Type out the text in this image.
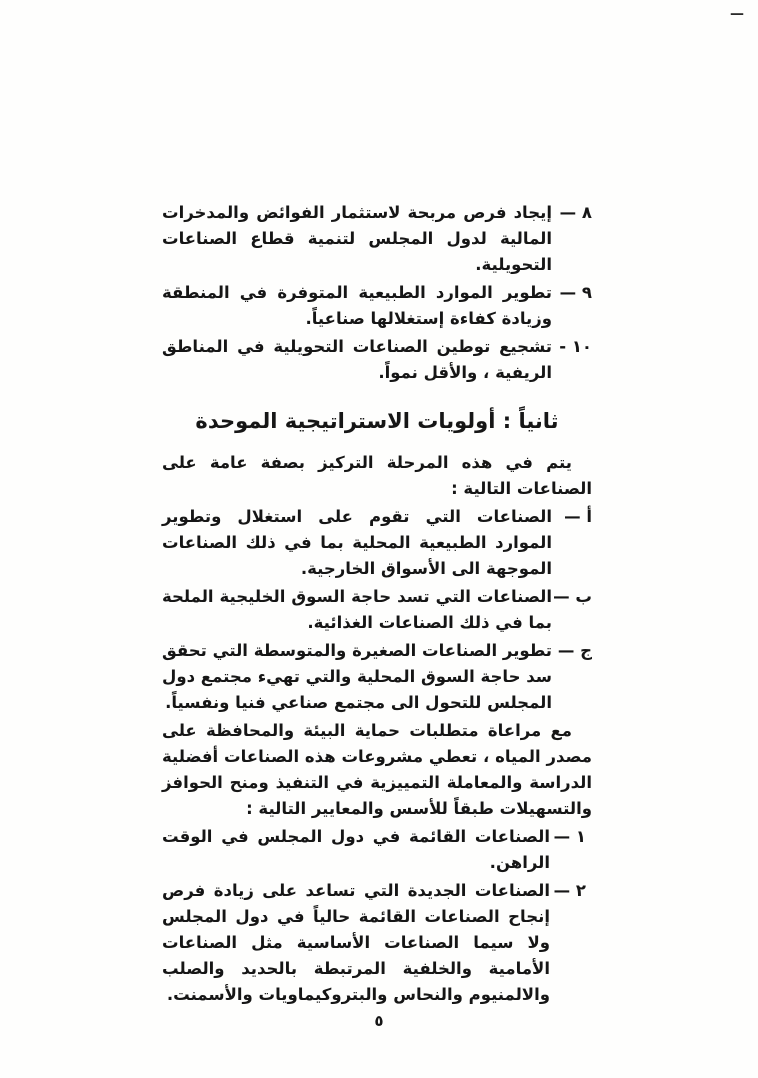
—
٨ —
إيجاد فرص مربحة لاستثمار الفوائض والمدخرات المالية لدول المجلس لتنمية قطاع الصناعات التحويلية.
٩ —
تطوير الموارد الطبيعية المتوفرة في المنطقة وزيادة كفاءة إستغلالها صناعياً.
١٠ -
تشجيع توطين الصناعات التحويلية في المناطق الريفية ، والأقل نمواً.
ثانياً : أولويات الاستراتيجية الموحدة

يتم في هذه المرحلة التركيز بصفة عامة على الصناعات التالية :

أ —
الصناعات التي تقوم على استغلال وتطوير الموارد الطبيعية المحلية بما في ذلك الصناعات الموجهة الى الأسواق الخارجية.
ب —
الصناعات التي تسد حاجة السوق الخليجية الملحة بما في ذلك الصناعات الغذائية.
ج —
تطوير الصناعات الصغيرة والمتوسطة التي تحقق سد حاجة السوق المحلية والتي تهيء مجتمع دول المجلس للتحول الى مجتمع صناعي فنيا ونفسياً.

مع مراعاة متطلبات حماية البيئة والمحافظة على مصدر المياه ، تعطي مشروعات هذه الصناعات أفضلية الدراسة والمعاملة التمييزية في التنفيذ ومنح الحوافز والتسهيلات طبقاً للأسس والمعايير التالية :

١ —
الصناعات القائمة في دول المجلس في الوقت الراهن.
٢ —
الصناعات الجديدة التي تساعد على زيادة فرص إنجاح الصناعات القائمة حالياً في دول المجلس ولا سيما الصناعات الأساسية مثل الصناعات الأمامية والخلفية المرتبطة بالحديد والصلب والالمنيوم والنحاس والبتروكيماويات والأسمنت.
٥
